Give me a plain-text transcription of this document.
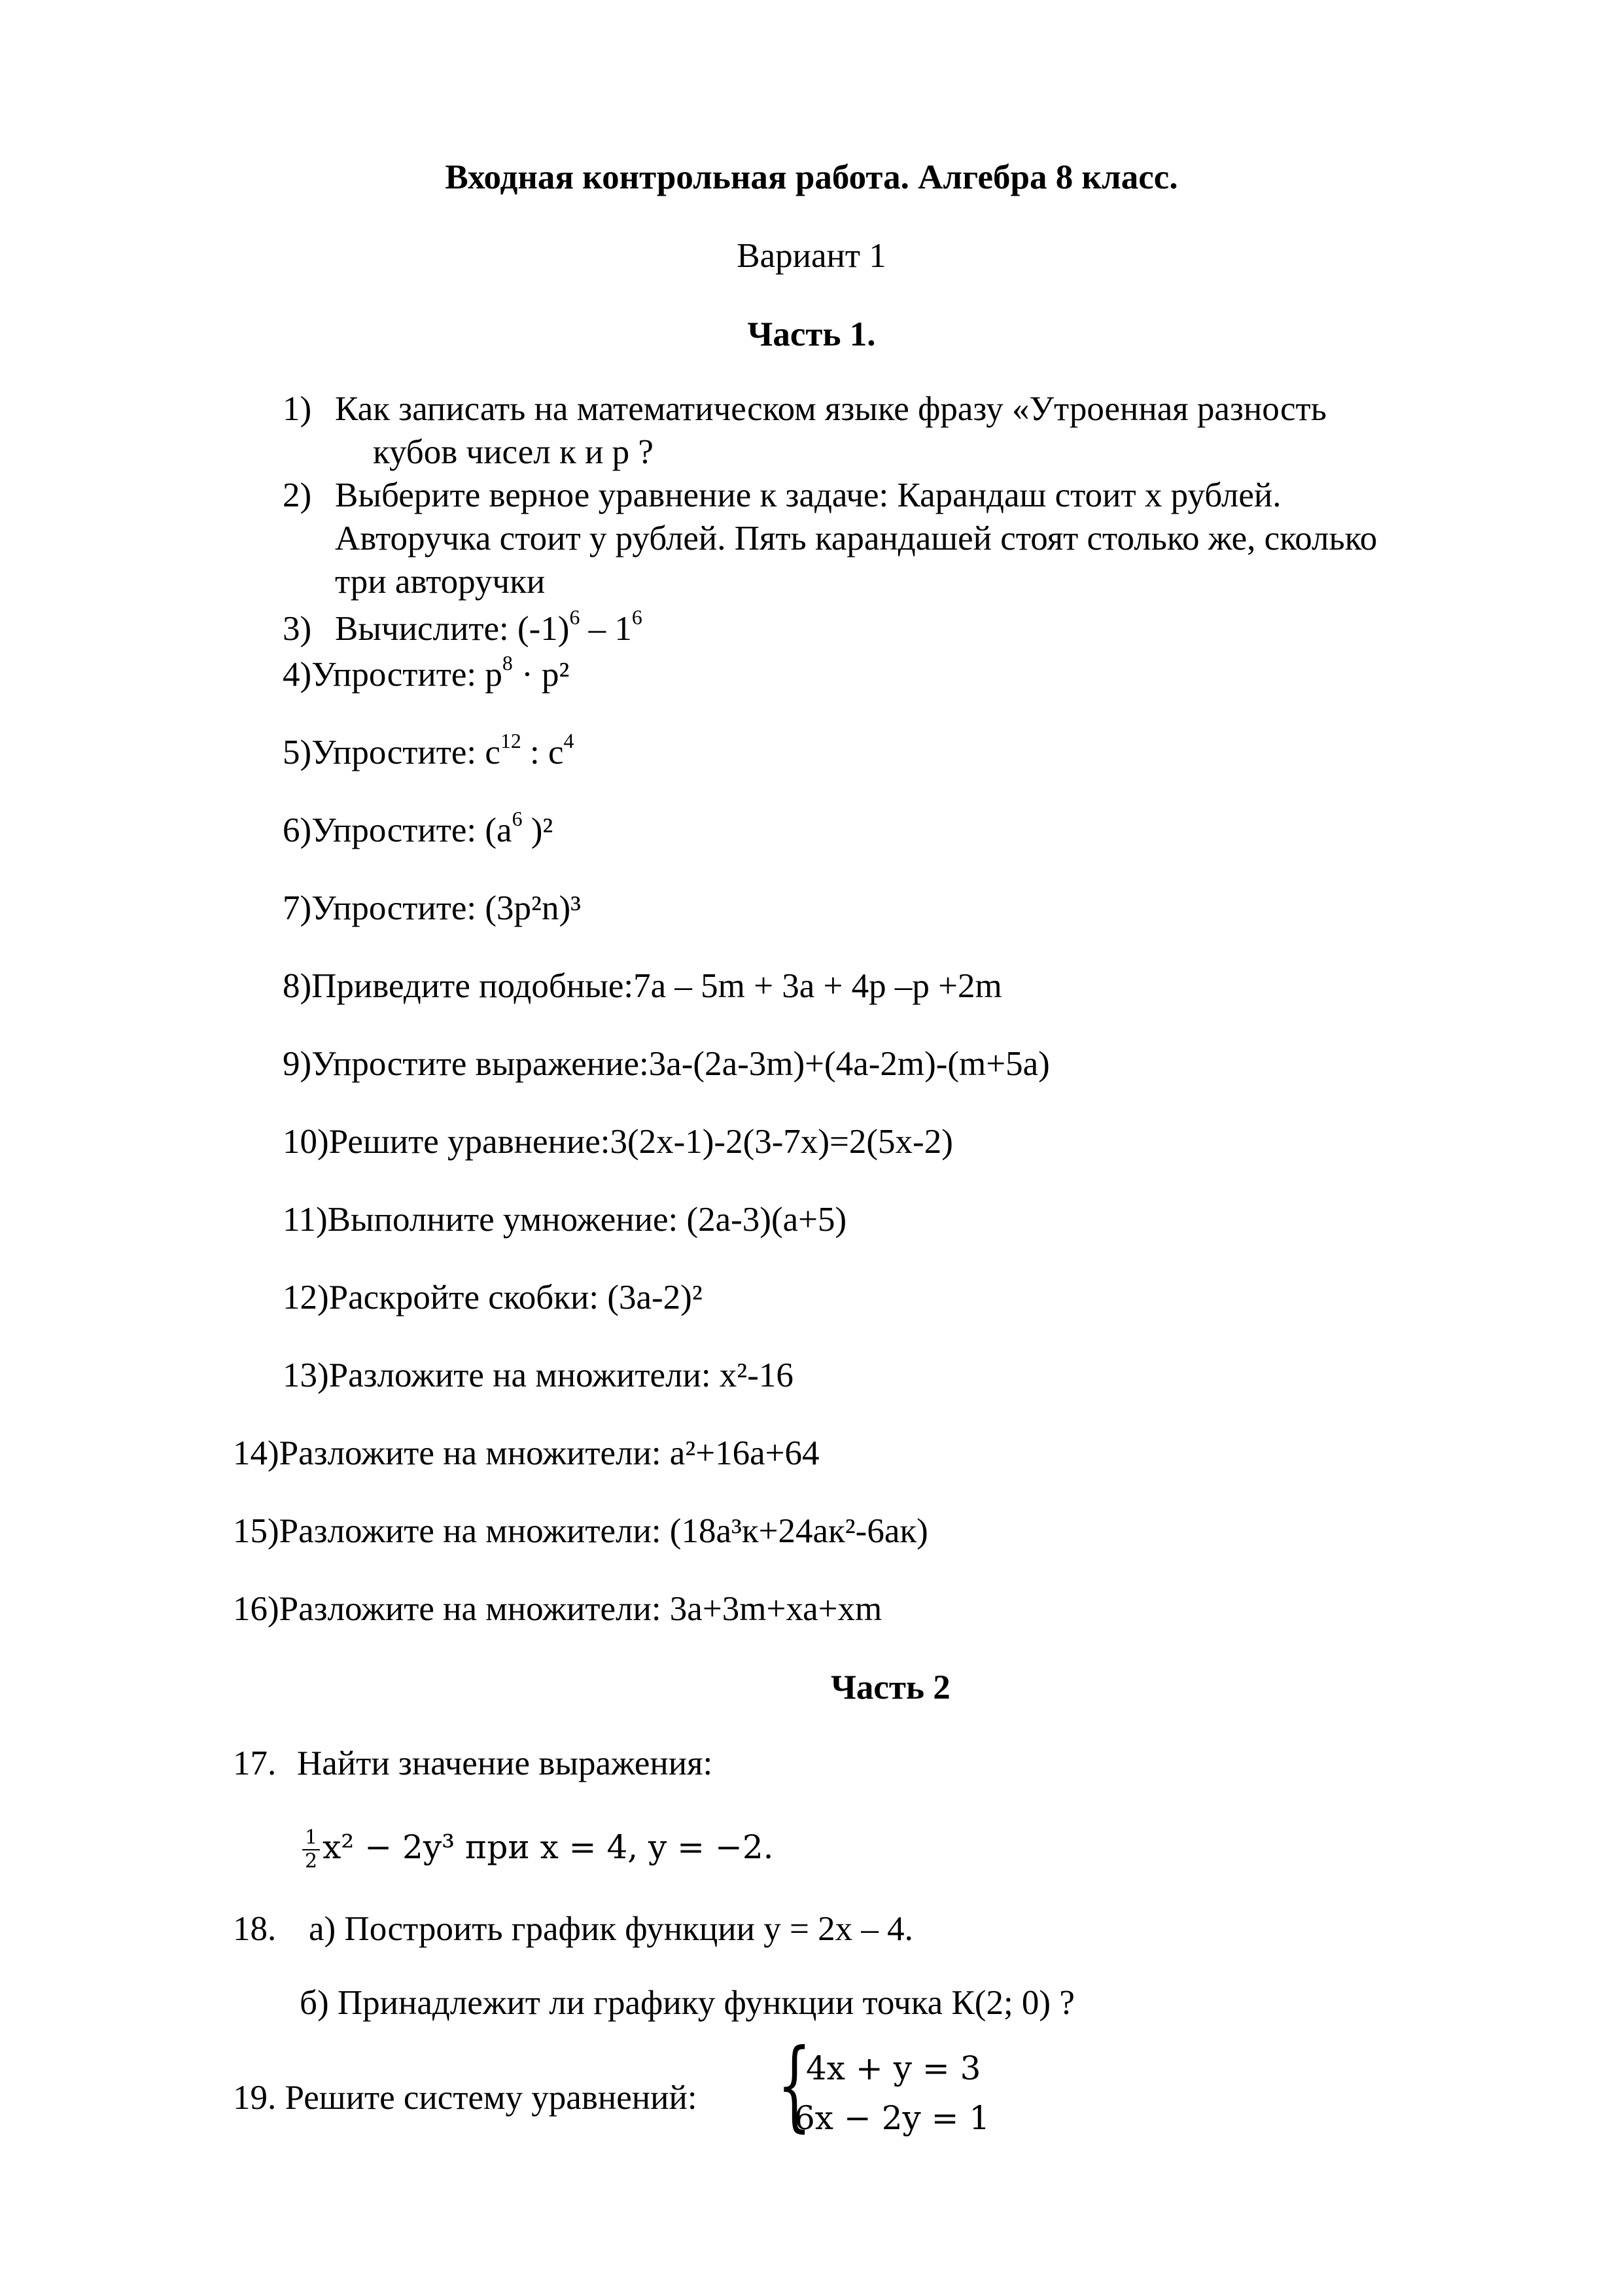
Входная контрольная работа. Алгебра 8 класс.
Вариант 1
Часть 1.
1) Как записать на математическом языке фразу «Утроенная разность
кубов чисел к и р ?
2) Выберите верное уравнение к задаче: Карандаш стоит х рублей.
Авторучка стоит у рублей. Пять карандашей стоят столько же, сколько
три авторучки
3) Вычислите: $(-1)^6 - 1^6$
4)Упростите: $р^8 \cdot р^2$
5)Упростите: $с^{12}$ : $с^4$
6)Упростите: ($а^6$ )²
7)Упростите: (3р²n)³
8)Приведите подобные:7а – 5m + 3а + 4р –р +2m
9)Упростите выражение:3а-(2а-3m)+(4а-2m)-(m+5а)
10)Решите уравнение:3(2х-1)-2(3-7х)=2(5х-2)
11)Выполните умножение: (2а-3)(а+5)
12)Раскройте скобки: (3а-2)²
13)Разложите на множители: х²-16
14)Разложите на множители: а²+16а+64
15)Разложите на множители: (18а³к+24ак²-6ак)
16)Разложите на множители: 3а+3m+ха+хm
Часть 2
17. Найти значение выражения:
$\frac{1}{2} x^2 - 2y^3$ при x = 4, y = −2.
18. а) Построить график функции у = 2х – 4.
б) Принадлежит ли графику функции точка К(2; 0) ?
19. Решите систему уравнений: {
4x + y = 3
6x − 2y = 1
